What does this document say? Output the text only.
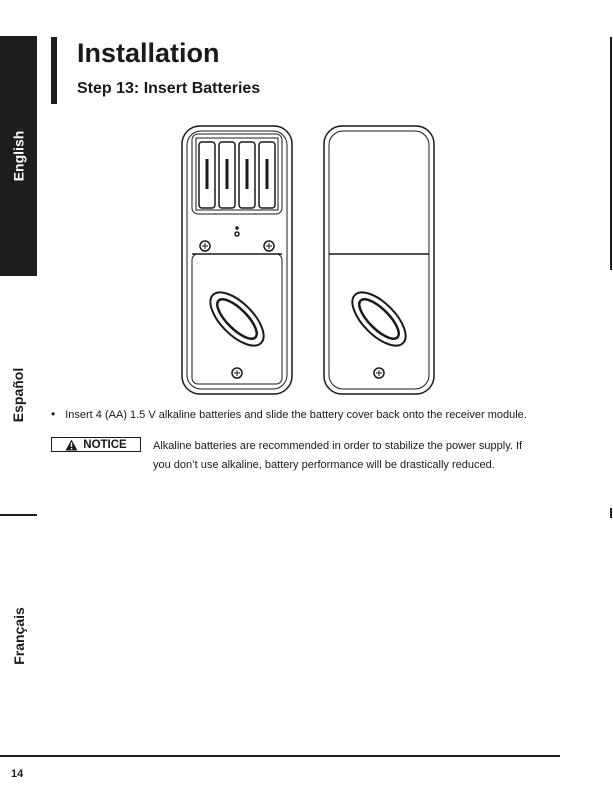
English
Español
Français
Installation
Step 13: Insert Batteries
• Insert 4 (AA) 1.5 V alkaline batteries and slide the battery cover back onto the receiver module.
NOTICE Alkaline batteries are recommended in order to stabilize the power supply. If
you don’t use alkaline, battery performance will be drastically reduced.
14
